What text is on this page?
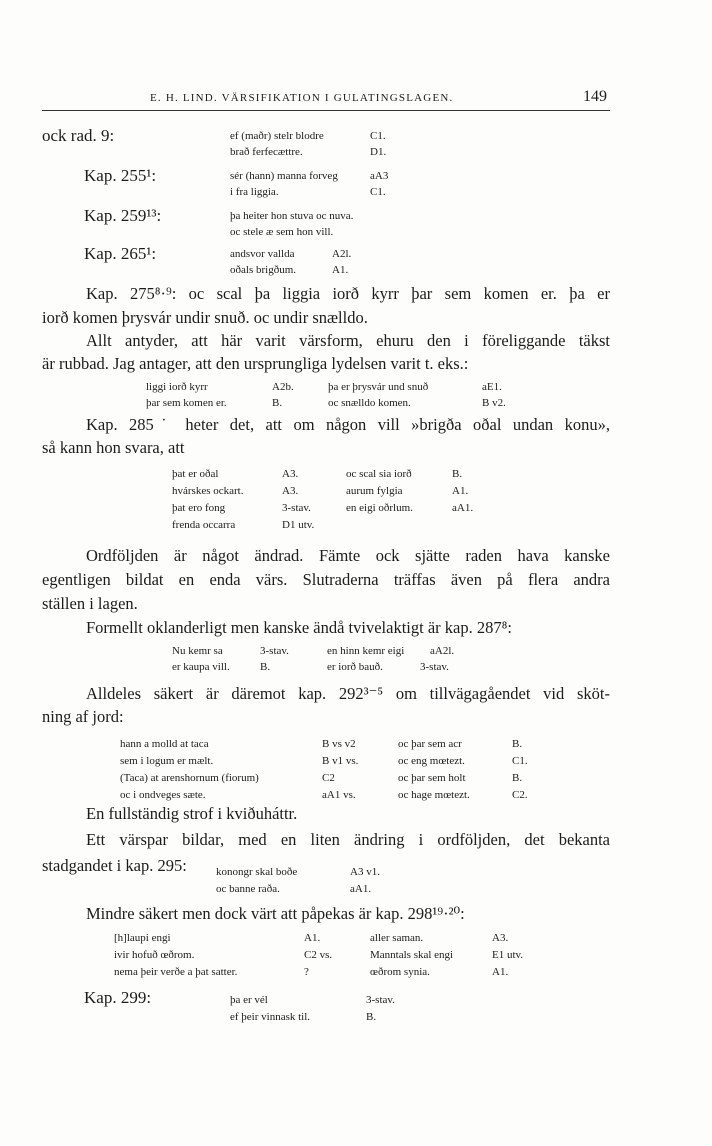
E. H. LIND. VÄRSIFIKATION I GULATINGSLAGEN.	149
ock rad. 9:	ef (maðr) stelr blodre	C1.
brað ferfecættre.	D1.
Kap. 255¹:	sér (hann) manna forveg	aA3
i fra liggia.	C1.
Kap. 259¹³:	þa heiter hon stuva oc nuva.
oc stele æ sem hon vill.
Kap. 265¹:	andsvor vallda	A2l.
oðals brigðum.	A1.
Kap. 275⁸·⁹: oc scal þa liggia iorð kyrr þar sem komen er. þa er
iorð komen þrysvár undir snuð. oc undir snælldo.
Allt antyder, att här varit värsform, ehuru den i föreliggande täkst
är rubbad. Jag antager, att den ursprungliga lydelsen varit t. eks.:
liggi iorð kyrr	A2b.	þa er þrysvár und snuð	aE1.
þar sem komen er.	B.	oc snælldo komen.	B v2.
Kap. 285˙ heter det, att om någon vill »brigða oðal undan konu»,
så kann hon svara, att
þat er oðal	A3.	oc scal sia iorð	B.
hvárskes ockart.	A3.	aurum fylgia	A1.
þat ero fong	3-stav.	en eigi oðrlum.	aA1.
frenda occarra	D1 utv.
Ordföljden är något ändrad. Fämte ock sjätte raden hava kanske
egentligen bildat en enda värs. Slutraderna träffas även på flera andra
ställen i lagen.
Formellt oklanderligt men kanske ändå tvivelaktigt är kap. 287⁸:
Nu kemr sa	3-stav.	en hinn kemr eigi aA2l.
er kaupa vill.	B.	er iorð bauð.	3-stav.
Alldeles säkert är däremot kap. 292³⁻⁵ om tillvägagåendet vid sköt-
ning af jord:
hann a molld at taca	B vs v2	oc þar sem acr	B.
sem i logum er mælt.	B v1 vs.	oc eng mœtezt.	C1.
(Taca) at arenshornum (fiorum)	C2	oc þar sem holt	B.
oc i ondveges sæte.	aA1 vs.	oc hage mœtezt.	C2.
En fullständig strof i kviðuháttr.
Ett värspar bildar, med en liten ändring i ordföljden, det bekanta
stadgandet i kap. 295:	konongr skal boðe	A3 v1.
oc banne raða.	aA1.
Mindre säkert men dock värt att påpekas är kap. 298¹⁹·²⁰:
[h]laupi engi	A1.	aller saman.	A3.
ivir hofuð œðrom.	C2 vs.	Manntals skal engi	E1 utv.
nema þeir verðe a þat satter.	?	œðrom synia.	A1.
Kap. 299:	þa er vél	3-stav.
ef þeir vinnask til.	B.
